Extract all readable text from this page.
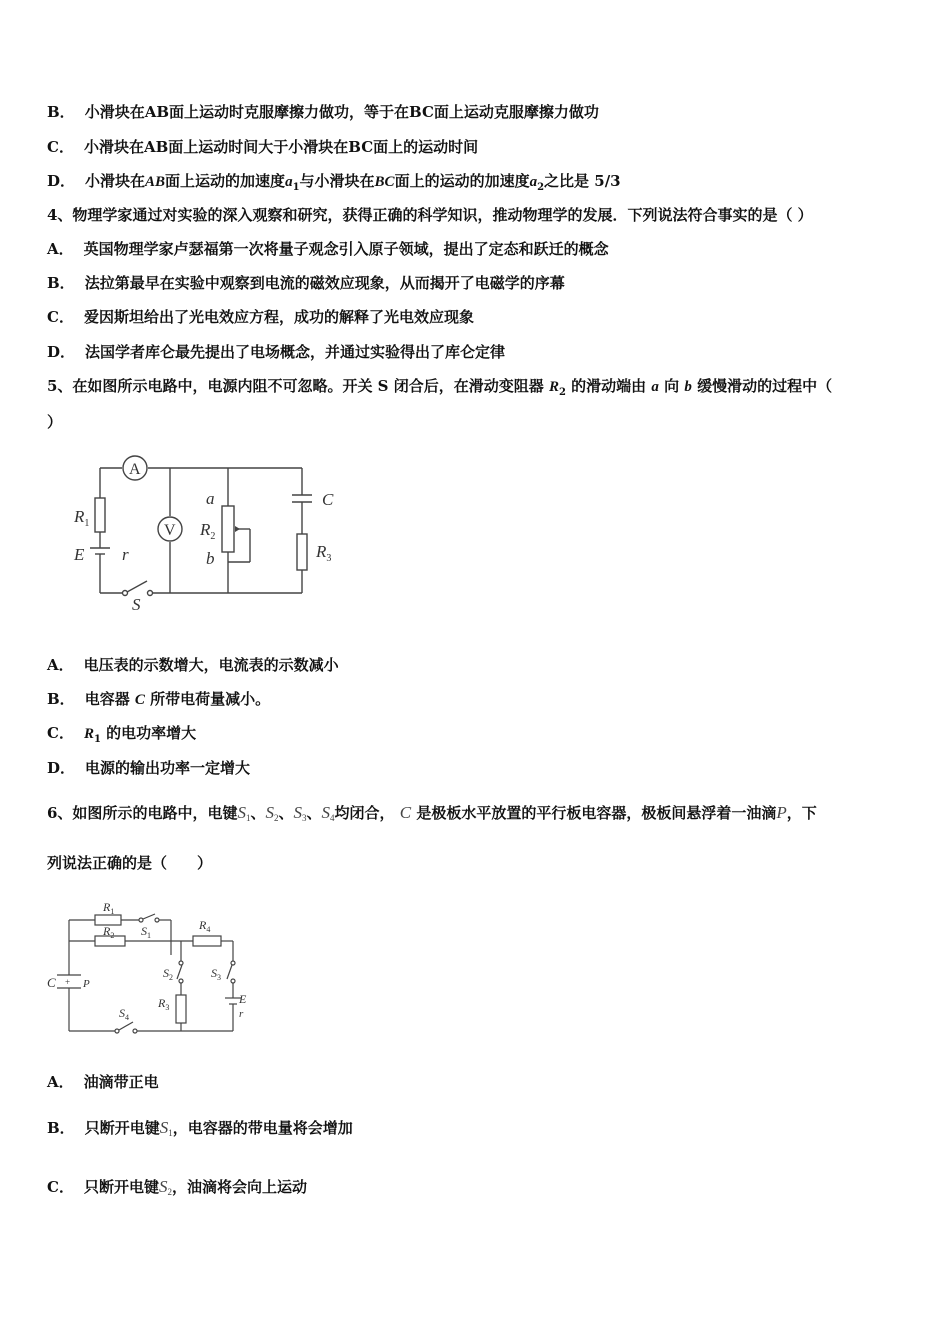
B． 小滑块在AB面上运动时克服摩擦力做功，等于在BC面上运动克服摩擦力做功
C． 小滑块在AB面上运动时间大于小滑块在BC面上的运动时间
D． 小滑块在AB面上运动的加速度$a_1$与小滑块在BC面上的运动的加速度$a_2$之比是 5/3
4、物理学家通过对实验的深入观察和研究，获得正确的科学知识，推动物理学的发展．下列说法符合事实的是（ ）
A． 英国物理学家卢瑟福第一次将量子观念引入原子领域，提出了定态和跃迁的概念
B． 法拉第最早在实验中观察到电流的磁效应现象，从而揭开了电磁学的序幕
C． 爱因斯坦给出了光电效应方程，成功的解释了光电效应现象
D． 法国学者库仑最先提出了电场概念，并通过实验得出了库仑定律
5、在如图所示电路中，电源内阻不可忽略。开关 S 闭合后，在滑动变阻器 $R_2$ 的滑动端由 a 向 b 缓慢滑动的过程中（
）
A
V
$R_1$
E r
a
$R_2$
b
C
$R_3$
S
A． 电压表的示数增大，电流表的示数减小
B． 电容器 C 所带电荷量减小。
C． $R_1$ 的电功率增大
D． 电源的输出功率一定增大
6、如图所示的电路中，电键$S_1$、$S_2$、$S_3$、$S_4$均闭合， C 是极板水平放置的平行板电容器，极板间悬浮着一油滴P，下
列说法正确的是（　　）
$R_1$
$S_1$
$R_2$
$R_4$
$S_2$	$S_3$
$R_3$
E
r
C + P
$S_4$
A． 油滴带正电
B． 只断开电键$S_1$，电容器的带电量将会增加
C． 只断开电键$S_2$，油滴将会向上运动
